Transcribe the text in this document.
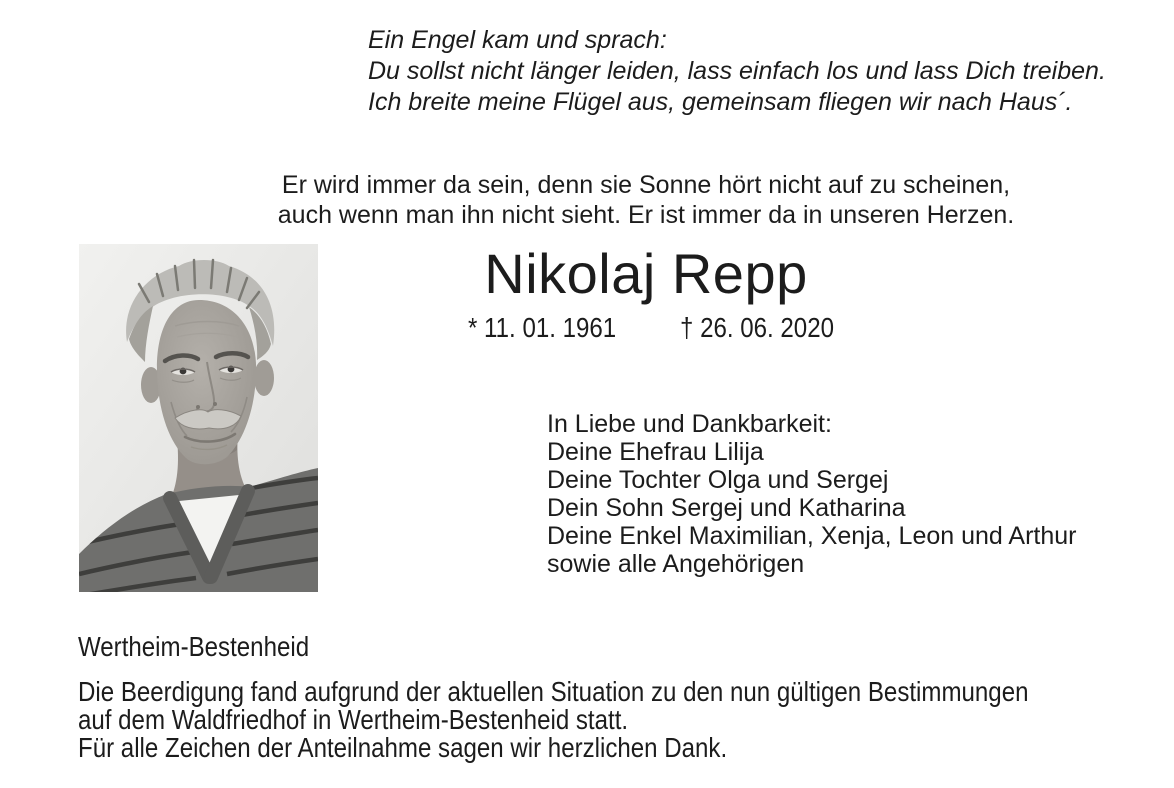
Ein Engel kam und sprach:
Du sollst nicht länger leiden, lass einfach los und lass Dich treiben.
Ich breite meine Flügel aus, gemeinsam fliegen wir nach Haus´.
Er wird immer da sein, denn sie Sonne hört nicht auf zu scheinen,
auch wenn man ihn nicht sieht. Er ist immer da in unseren Herzen.
Nikolaj Repp
* 11. 01. 1961 † 26. 06. 2020
In Liebe und Dankbarkeit:
Deine Ehefrau Lilija
Deine Tochter Olga und Sergej
Dein Sohn Sergej und Katharina
Deine Enkel Maximilian, Xenja, Leon und Arthur
sowie alle Angehörigen
Wertheim-Bestenheid
Die Beerdigung fand aufgrund der aktuellen Situation zu den nun gültigen Bestimmungen
auf dem Waldfriedhof in Wertheim-Bestenheid statt.
Für alle Zeichen der Anteilnahme sagen wir herzlichen Dank.
